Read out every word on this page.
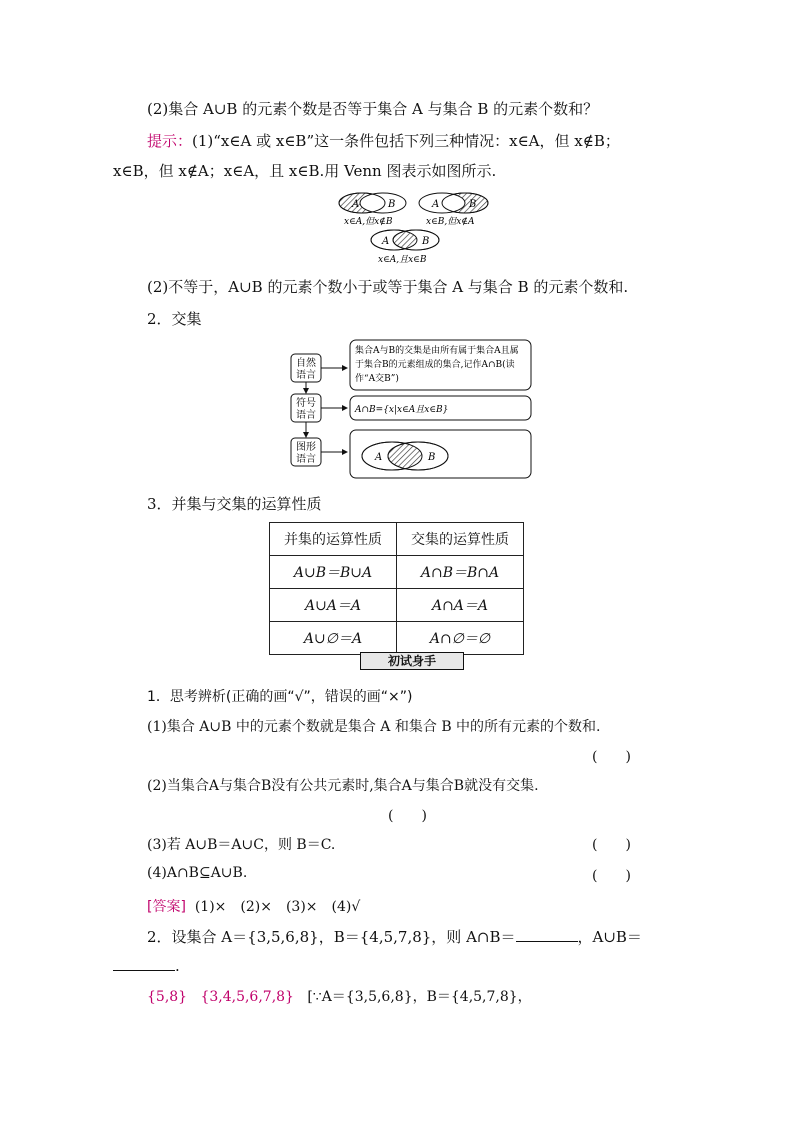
(2)集合 A∪B 的元素个数是否等于集合 A 与集合 B 的元素个数和？
提示：(1)“x∈A 或 x∈B”这一条件包括下列三种情况：x∈A，但 x∉B；
x∈B，但 x∉A；x∈A，且 x∈B.用 Venn 图表示如图所示.
A	B
x∈A,但x∉B
A	B
x∈B,但x∉A
A	B
x∈A,且x∈B
(2)不等于，A∪B 的元素个数小于或等于集合 A 与集合 B 的元素个数和.
2．交集
自然
语言
符号
语言
图形
语言
集合A与B的交集是由所有属于集合A且属
于集合B的元素组成的集合,记作A∩B(读
作“A交B”)
A∩B={x|x∈A且x∈B}
A	B
3．并集与交集的运算性质
并集的运算性质	交集的运算性质
A∪B＝B∪A	A∩B＝B∩A
A∪A＝A	A∩A＝A
A∪∅＝A	A∩∅＝∅
初试身手
1．思考辨析(正确的画“√”，错误的画“×”)
(1)集合 A∪B 中的元素个数就是集合 A 和集合 B 中的所有元素的个数和.
(　　)
(2)当集合A与集合B没有公共元素时,集合A与集合B就没有交集.
(　　)
(3)若 A∪B＝A∪C，则 B＝C.	(　　)
(4)A∩B⊆A∪B.	(　　)
[答案] (1)×　(2)×　(3)×　(4)√
2．设集合 A＝{3,5,6,8}，B＝{4,5,7,8}，则 A∩B＝	，A∪B＝
.
{5,8} {3,4,5,6,7,8} [∵A＝{3,5,6,8}，B＝{4,5,7,8}，
